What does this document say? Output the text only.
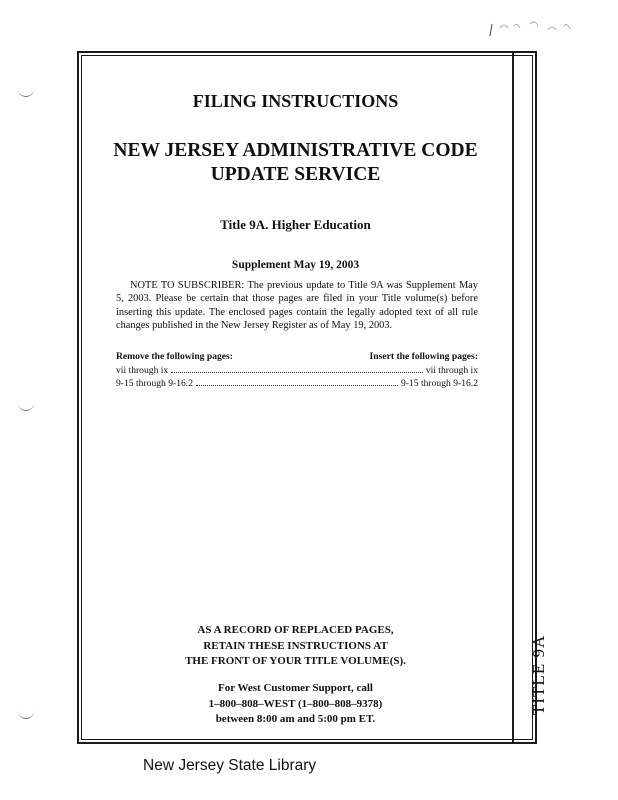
FILING INSTRUCTIONS
NEW JERSEY ADMINISTRATIVE CODE
UPDATE SERVICE
Title 9A. Higher Education
Supplement May 19, 2003

NOTE TO SUBSCRIBER: The previous update to Title 9A was Supplement May 5, 2003. Please be certain that those pages are filed in your Title volume(s) before inserting this update. The enclosed pages contain the legally adopted text of all rule changes published in the New Jersey Register as of May 19, 2003.

Remove the following pages:	Insert the following pages:
vii through ix	vii through ix
9-15 through 9-16.2	9-15 through 9-16.2
AS A RECORD OF REPLACED PAGES,
RETAIN THESE INSTRUCTIONS AT
THE FRONT OF YOUR TITLE VOLUME(S).
For West Customer Support, call
1–800–808–WEST (1–800–808–9378)
between 8:00 am and 5:00 pm ET.
TITLE 9A
New Jersey State Library
